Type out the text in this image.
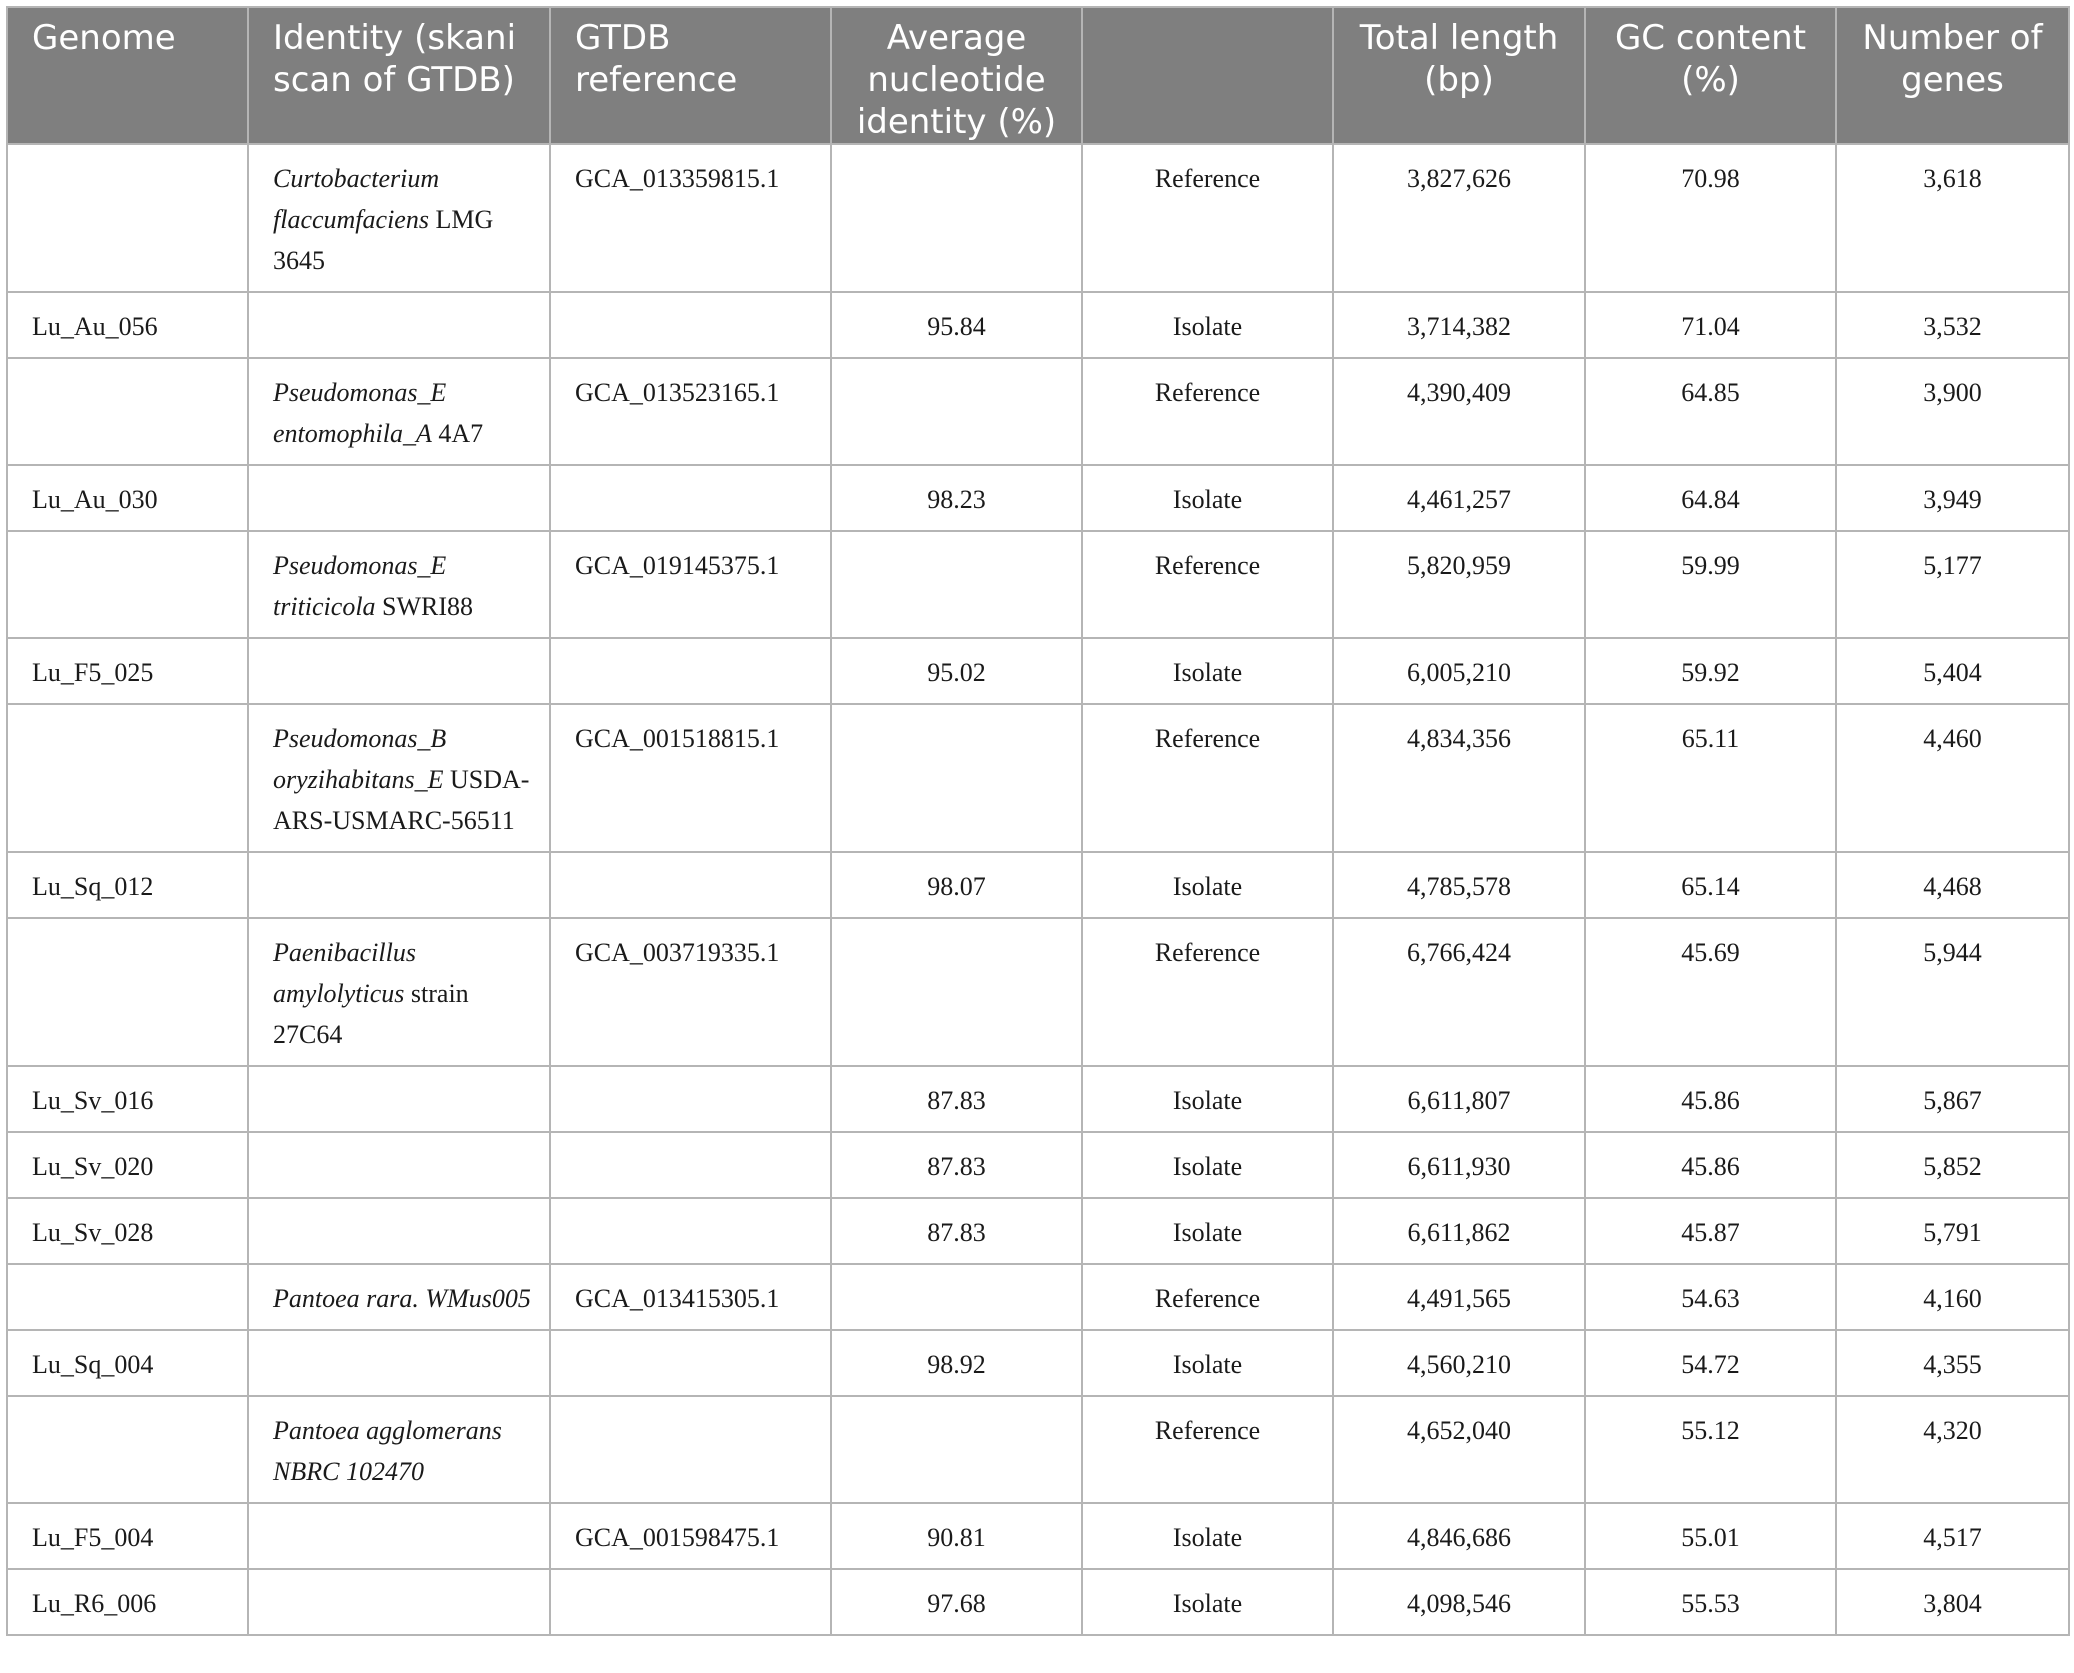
Genome	Identity (skani scan of GTDB)	GTDB reference	Average nucleotide identity (%)		Total length (bp)	GC content (%)	Number of genes
	Curtobacterium flaccumfaciens LMG 3645	GCA_013359815.1		Reference	3,827,626	70.98	3,618
Lu_Au_056			95.84	Isolate	3,714,382	71.04	3,532
	Pseudomonas_E entomophila_A 4A7	GCA_013523165.1		Reference	4,390,409	64.85	3,900
Lu_Au_030			98.23	Isolate	4,461,257	64.84	3,949
	Pseudomonas_E triticicola SWRI88	GCA_019145375.1		Reference	5,820,959	59.99	5,177
Lu_F5_025			95.02	Isolate	6,005,210	59.92	5,404
	Pseudomonas_B oryzihabitans_E USDA-ARS-USMARC-56511	GCA_001518815.1		Reference	4,834,356	65.11	4,460
Lu_Sq_012			98.07	Isolate	4,785,578	65.14	4,468
	Paenibacillus amylolyticus strain 27C64	GCA_003719335.1		Reference	6,766,424	45.69	5,944
Lu_Sv_016			87.83	Isolate	6,611,807	45.86	5,867
Lu_Sv_020			87.83	Isolate	6,611,930	45.86	5,852
Lu_Sv_028			87.83	Isolate	6,611,862	45.87	5,791
	Pantoea rara. WMus005	GCA_013415305.1		Reference	4,491,565	54.63	4,160
Lu_Sq_004			98.92	Isolate	4,560,210	54.72	4,355
	Pantoea agglomerans NBRC 102470			Reference	4,652,040	55.12	4,320
Lu_F5_004		GCA_001598475.1	90.81	Isolate	4,846,686	55.01	4,517
Lu_R6_006			97.68	Isolate	4,098,546	55.53	3,804
